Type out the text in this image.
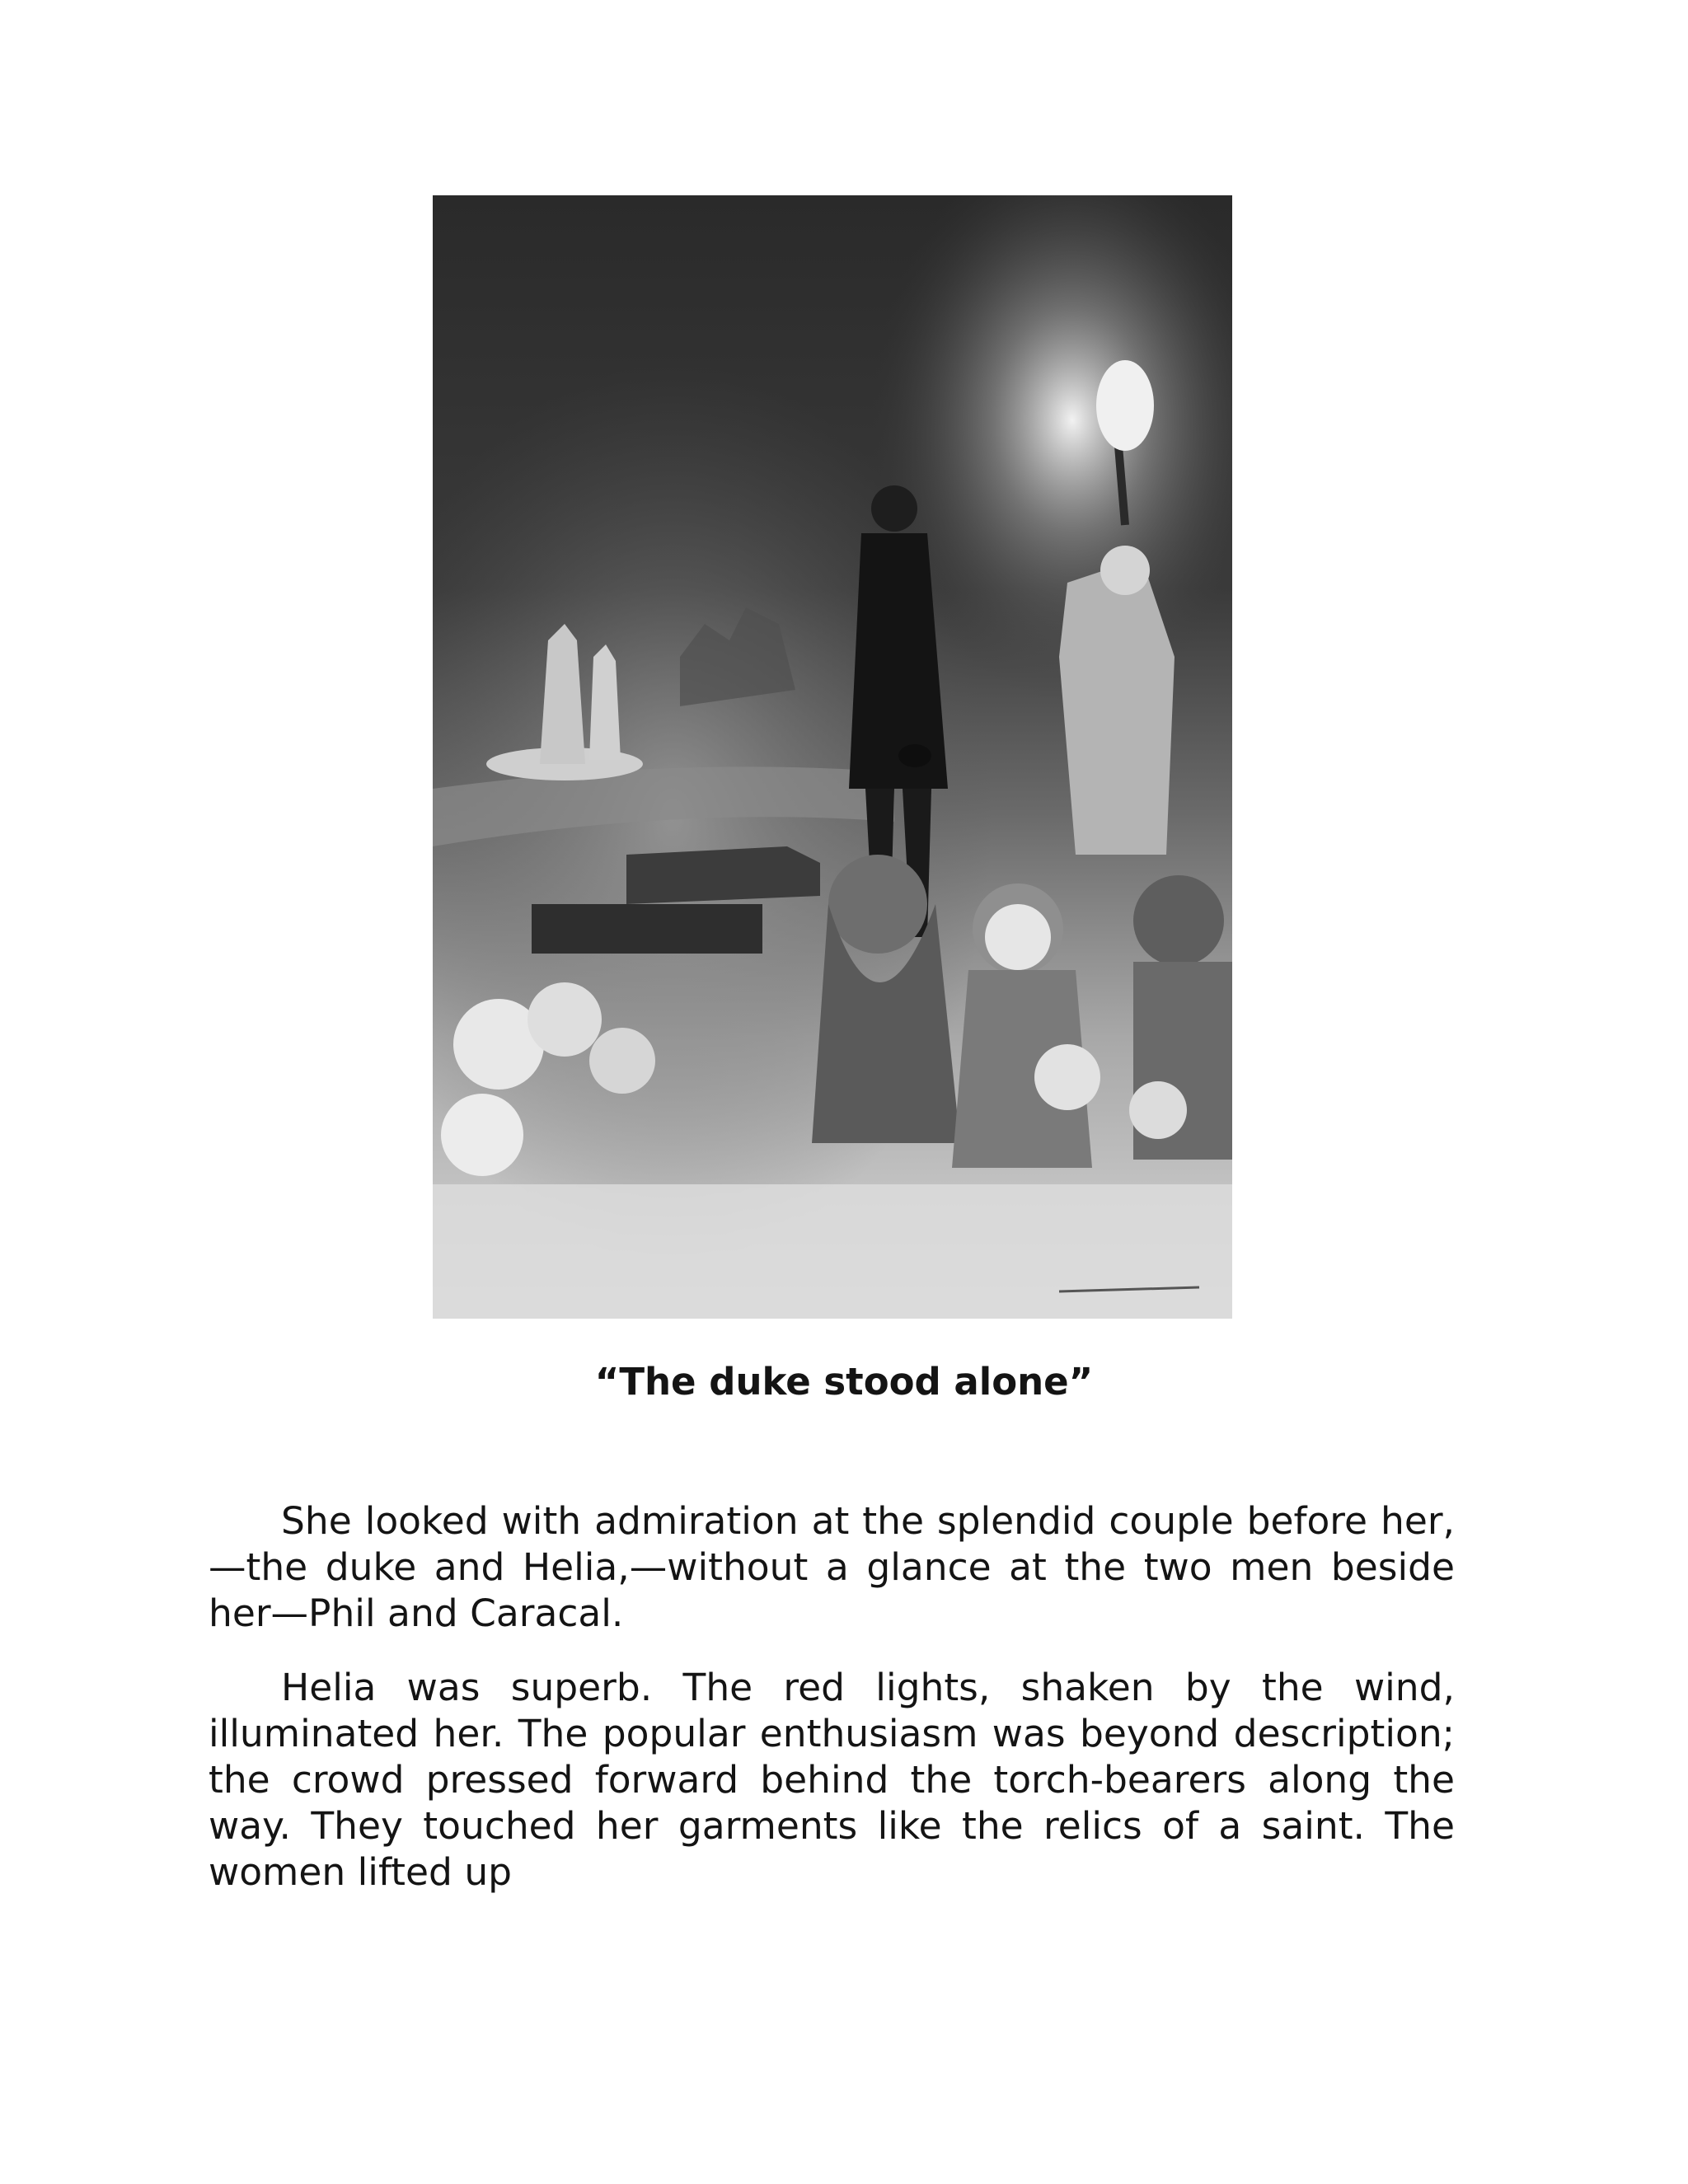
“The duke stood alone”

She looked with admiration at the splendid couple before her,—the duke and Helia,—without a glance at the two men beside her—Phil and Caracal.

Helia was superb. The red lights, shaken by the wind, illuminated her. The popular enthusiasm was beyond description; the crowd pressed forward behind the torch-bearers along the way. They touched her garments like the relics of a saint. The women lifted up
